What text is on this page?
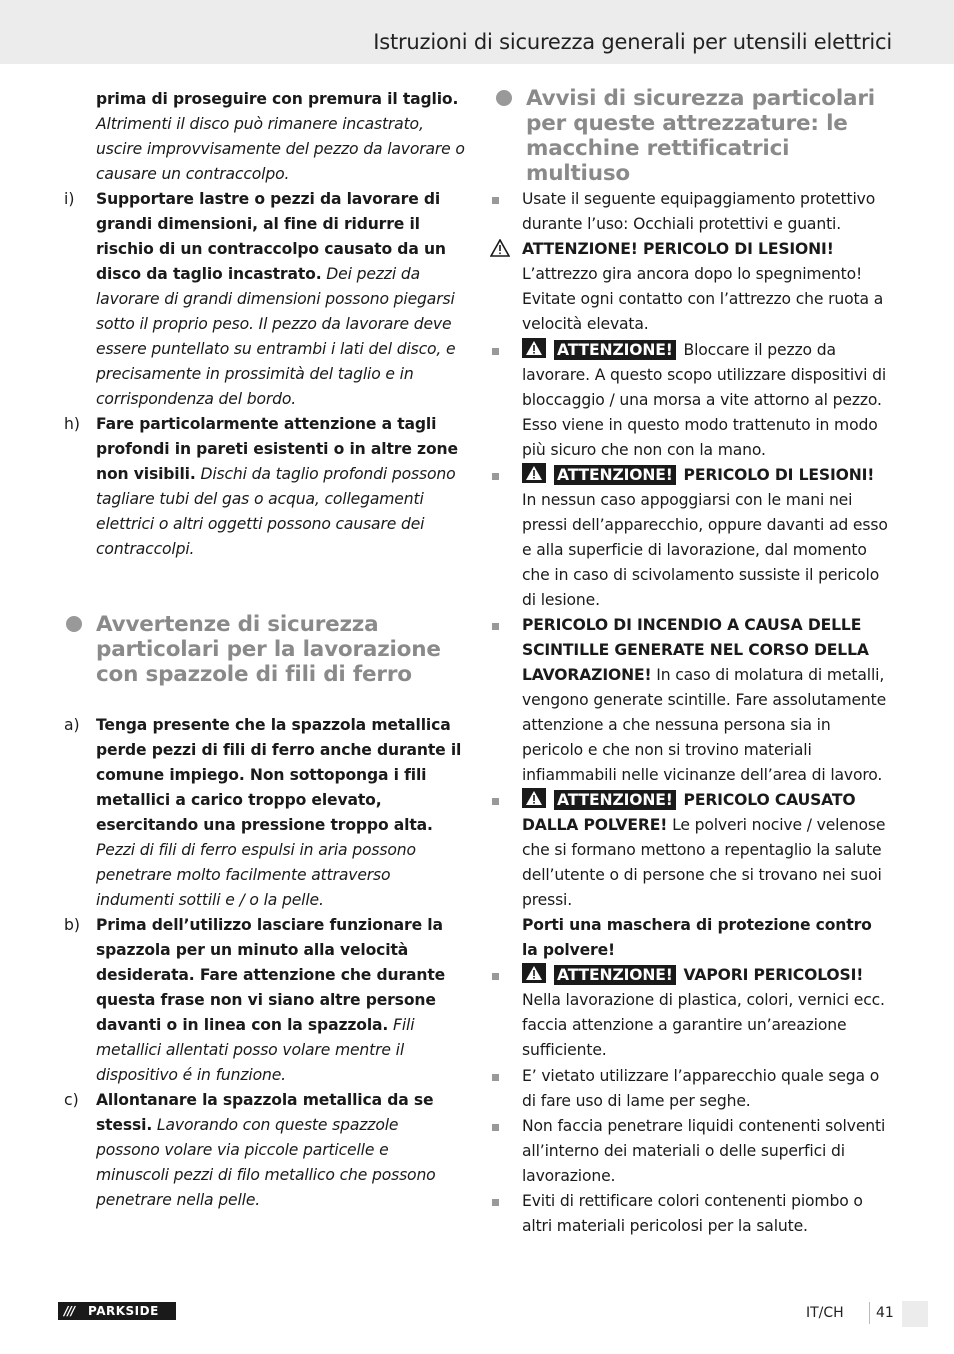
Istruzioni di sicurezza generali per utensili elettrici
prima di proseguire con premura il taglio. Altrimenti il disco può rimanere incastrato, uscire improvvisamente del pezzo da lavorare o causare un contraccolpo.
i) Supportare lastre o pezzi da lavorare di grandi dimensioni, al fine di ridurre il rischio di un contraccolpo causato da un disco da taglio incastrato. Dei pezzi da lavorare di grandi dimensioni possono piegarsi sotto il proprio peso. Il pezzo da lavorare deve essere puntellato su entrambi i lati del disco, e precisamente in prossimità del taglio e in corrispondenza del bordo.
h) Fare particolarmente attenzione a tagli profondi in pareti esistenti o in altre zone non visibili. Dischi da taglio profondi possono tagliare tubi del gas o acqua, collegamenti elettrici o altri oggetti possono causare dei contraccolpi.
Avvertenze di sicurezza particolari per la lavorazione con spazzole di fili di ferro
a) Tenga presente che la spazzola metallica perde pezzi di fili di ferro anche durante il comune impiego. Non sottoponga i fili metallici a carico troppo elevato, esercitando una pressione troppo alta. Pezzi di fili di ferro espulsi in aria possono penetrare molto facilmente attraverso indumenti sottili e / o la pelle.
b) Prima dell’utilizzo lasciare funzionare la spazzola per un minuto alla velocità desiderata. Fare attenzione che durante questa frase non vi siano altre persone davanti o in linea con la spazzola. Fili metallici allentati posso volare mentre il dispositivo é in funzione.
c) Allontanare la spazzola metallica da se stessi. Lavorando con queste spazzole possono volare via piccole particelle e minuscoli pezzi di filo metallico che possono penetrare nella pelle.
Avvisi di sicurezza particolari per queste attrezzature: le macchine rettificatrici multiuso
Usate il seguente equipaggiamento protettivo durante l’uso: Occhiali protettivi e guanti.
ATTENZIONE! PERICOLO DI LESIONI!
L’attrezzo gira ancora dopo lo spegnimento! Evitate ogni contatto con l’attrezzo che ruota a velocità elevata.
ATTENZIONE! Bloccare il pezzo da lavorare. A questo scopo utilizzare dispositivi di bloccaggio / una morsa a vite attorno al pezzo. Esso viene in questo modo trattenuto in modo più sicuro che non con la mano.
ATTENZIONE! PERICOLO DI LESIONI! In nessun caso appoggiarsi con le mani nei pressi dell’apparecchio, oppure davanti ad esso e alla superficie di lavorazione, dal momento che in caso di scivolamento sussiste il pericolo di lesione.
PERICOLO DI INCENDIO A CAUSA DELLE SCINTILLE GENERATE NEL CORSO DELLA LAVORAZIONE! In caso di molatura di metalli, vengono generate scintille. Fare assolutamente attenzione a che nessuna persona sia in pericolo e che non si trovino materiali infiammabili nelle vicinanze dell’area di lavoro.
ATTENZIONE! PERICOLO CAUSATO DALLA POLVERE! Le polveri nocive / velenose che si formano mettono a repentaglio la salute dell’utente o di persone che si trovano nei suoi pressi.
Porti una maschera di protezione contro la polvere!
ATTENZIONE! VAPORI PERICOLOSI! Nella lavorazione di plastica, colori, vernici ecc. faccia attenzione a garantire un’areazione sufficiente.
E’ vietato utilizzare l’apparecchio quale sega o di fare uso di lame per seghe.
Non faccia penetrare liquidi contenenti solventi all’interno dei materiali o delle superfici di lavorazione.
Eviti di rettificare colori contenenti piombo o altri materiali pericolosi per la salute.
/// PARKSIDE	IT/CH 41
